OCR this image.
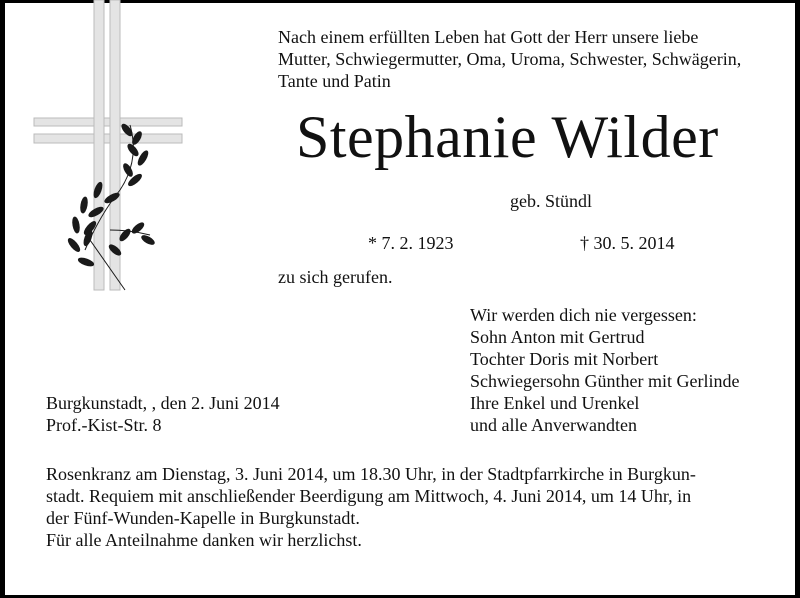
Nach einem erfüllten Leben hat Gott der Herr unsere liebe
Mutter, Schwiegermutter, Oma, Uroma, Schwester, Schwägerin,
Tante und Patin
Stephanie Wilder
geb. Stündl
* 7. 2. 1923	† 30. 5. 2014
zu sich gerufen.
Wir werden dich nie vergessen:
Sohn Anton mit Gertrud
Tochter Doris mit Norbert
Schwiegersohn Günther mit Gerlinde
Ihre Enkel und Urenkel
und alle Anverwandten
Burgkunstadt, , den 2. Juni 2014
Prof.-Kist-Str. 8
Rosenkranz am Dienstag, 3. Juni 2014, um 18.30 Uhr, in der Stadtpfarrkirche in Burgkun-
stadt. Requiem mit anschließender Beerdigung am Mittwoch, 4. Juni 2014, um 14 Uhr, in
der Fünf-Wunden-Kapelle in Burgkunstadt.
Für alle Anteilnahme danken wir herzlichst.
